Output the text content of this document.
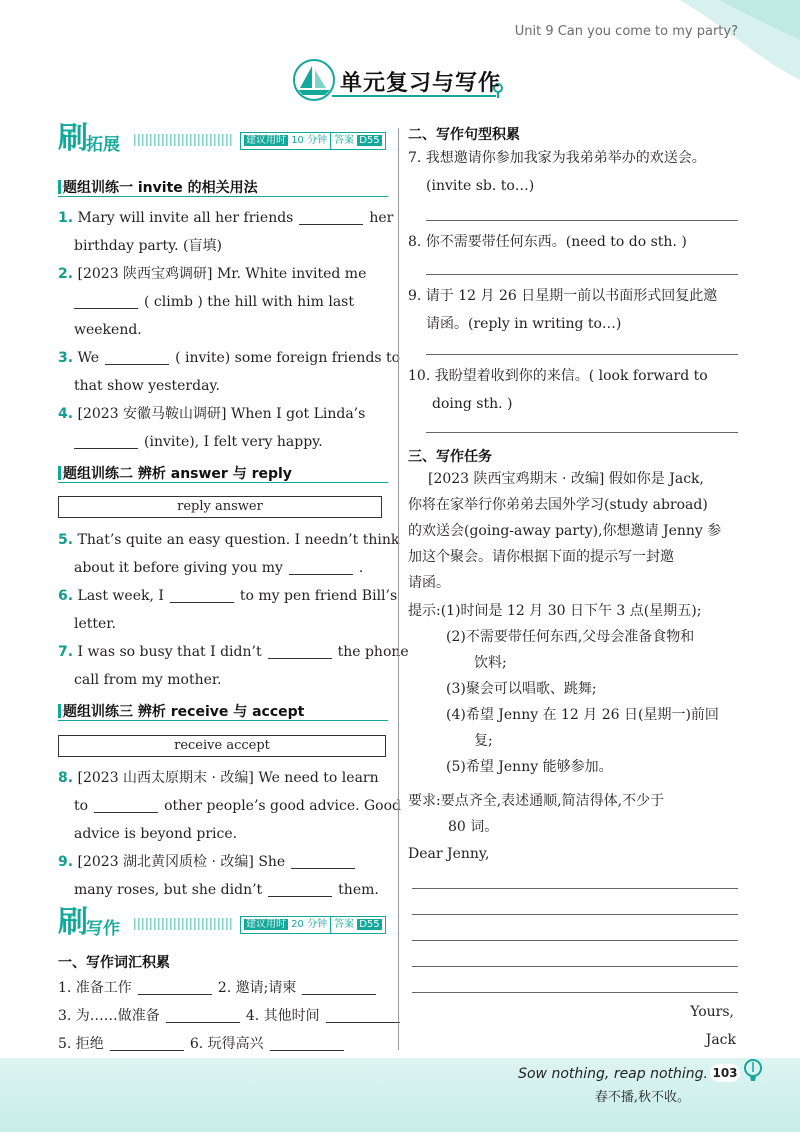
Unit 9 Can you come to my party?
单元复习与写作
刷
拓展	建议用时 10 分钟 答案 D55
题组训练一 invite 的相关用法
1. Mary will invite all her friends	her
birthday party. (盲填)
2. [2023 陕西宝鸡调研] Mr. White invited me
( climb ) the hill with him last
weekend.
3. We	( invite) some foreign friends to
that show yesterday.
4. [2023 安徽马鞍山调研] When I got Linda’s
(invite), I felt very happy.
题组训练二 辨析 answer 与 reply
reply answer
5. That’s quite an easy question. I needn’t think
about it before giving you my	.
6. Last week, I	to my pen friend Bill’s
letter.
7. I was so busy that I didn’t	the phone
call from my mother.
题组训练三 辨析 receive 与 accept
receive accept
8. [2023 山西太原期末 · 改编] We need to learn
to	other people’s good advice. Good
advice is beyond price.
9. [2023 湖北黄冈质检 · 改编] She
many roses, but she didn’t	them.
刷
写作	建议用时 20 分钟 答案 D55
一、写作词汇积累
1. 准备工作	2. 邀请;请柬
3. 为……做准备	4. 其他时间
5. 拒绝	6. 玩得高兴
二、写作句型积累
7. 我想邀请你参加我家为我弟弟举办的欢送会。
(invite sb. to…)
8. 你不需要带任何东西。(need to do sth. )
9. 请于 12 月 26 日星期一前以书面形式回复此邀
请函。(reply in writing to…)
10. 我盼望着收到你的来信。( look forward to
doing sth. )
三、写作任务
[2023 陕西宝鸡期末 · 改编] 假如你是 Jack,
你将在家举行你弟弟去国外学习(study abroad)
的欢送会(going-away party),你想邀请 Jenny 参
加这个聚会。请你根据下面的提示写一封邀
请函。
提示:(1)时间是 12 月 30 日下午 3 点(星期五);
(2)不需要带任何东西,父母会准备食物和
饮料;
(3)聚会可以唱歌、跳舞;
(4)希望 Jenny 在 12 月 26 日(星期一)前回
复;
(5)希望 Jenny 能够参加。
要求:要点齐全,表述通顺,简洁得体,不少于
80 词。
Dear Jenny,
Yours,
Jack
Sow nothing, reap nothing.
春不播,秋不收。
103
